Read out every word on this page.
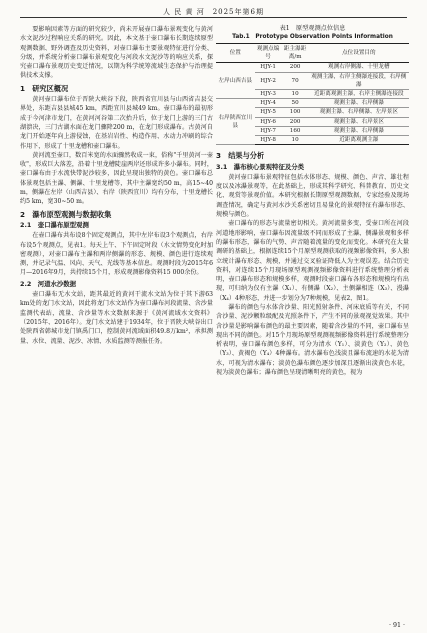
人 民 黄 河　2025年第6期

要影响因素等方面的研究较少，尚未开展壶口瀑布景观变化与黄河水文泥沙过程响应关系的研究。因此，本文基于壶口瀑布长期连续原型观测数据、野外调查及历史资料，对壶口瀑布主要景观特征进行分类、分级，并系统分析壶口瀑布景观变化与河段水文泥沙等的响应关系，探究壶口瀑布景观历史变迁情况，以期为科学统筹流域生态保护与治理提供技术支撑。

1　研究区概况

黄河壶口瀑布位于晋陕大峡谷下段，陕西省宜川县与山西省吉县交界处，东距吉县县城45 km，西距宜川县城49 km。壶口瀑布的最初形成于今河津市龙门，在黄河河谷第二次抬升后，位于龙门上游的三门古湖溃决，三门古湖水面在龙门骤降200 m，在龙门形成瀑布。古黄河自龙门开始逐年向上游侵蚀，在基岩岩性、构造作用、水动力冲刷的综合作用下，形成了十里龙槽和壶口瀑布。

黄河流至壶口，数百米宽的水面骤然收成一束，俗称"千里黄河一壶收"，形成巨大落差，沿着十里龙槽陡崖两岸还形成许多小瀑布。同时，壶口瀑布由于水流快带泥沙较多，因此呈现出独特的黄色。壶口瀑布总体景观包括主瀑、侧瀑、十里龙槽等，其中主瀑宽约50 m，高15~40 m，侧瀑在左岸（山西吉县）、右岸（陕西宜川）均有分布，十里龙槽长约5 km，宽30~50 m。

2　瀑布原型观测与数据收集
2.1　壶口瀑布原型观测

在壶口瀑布共布设8个固定观测点，其中左岸布设3个观测点，右岸布设5个观测点，见表1。每天上午、下午固定时段（水文情势变化时加密观测），对壶口瀑布主瀑和两岸侧瀑的形态、规模、颜色进行连续观测，并记录气温、风向、天气、光线等基本信息。观测时段为2015年6月—2016年9月，共持续15个月，形成观测影像资料15 000余份。

2.2　河道水沙数据

壶口瀑布无水文站，距其最近的黄河干流水文站为位于其下游63 km处的龙门水文站，因此将龙门水文站作为壶口瀑布河段流量、含沙量监测代表站，流量、含沙量等水文数据来源于《黄河流域水文资料》（2015年、2016年）。龙门水文站建于1934年，位于晋陕大峡谷出口处陕西省韩城市龙门镇禹门口，控制黄河流域面积49.8万km²，承担测量、水位、流量、泥沙、冰情、水质监测等测报任务。

表1　原型观测点位信息
Tab.1　Prototype Observation Points Information
位置	观测点编号	距主瀑距离/m	点位设置目的
左岸山西吉县	HJY-1	200	观测右岸侧瀑、十里龙槽
	HJY-2	70	观测主瀑，右岸主侧瀑连接段，右岸侧瀑
	HJY-3	10	近距离观测主瀑，右岸主侧瀑连接段
右岸陕西宜川县	HJY-4	50	观测主瀑、右岸侧瀑
	HJY-5	100	观测主瀑、右岸侧瀑、左岸景区
	HJY-6	200	观测主瀑、右岸景区
	HJY-7	160	观测主瀑、右岸侧瀑
	HJY-8	10	近距离观测主瀑
3　结果与分析
3.1　瀑布核心景观特征及分类

黄河壶口瀑布景观特征包括水体形态、规模、颜色、声音、雄壮程度以及冰瀑景观等，在此基础上，形成其科学研究、科普教育、历史文化、观赏等景观价值。本研究根据长期原型观测数据，专家经验及现场调查情况，确定与黄河水沙关系密切且易量化的景观特征有瀑布形态、规模与颜色。

壶口瀑布的形态与流量密切相关。黄河流量多变，受壶口所在河段河道地形影响，壶口瀑布因流量级不同而形成了主瀑、侧瀑景观和多样的瀑布形态，瀑布的气势、声音随着流量的变化而变化。本研究在大量调研的基础上，根据连续15个月原型观测获取的视频影像资料，多人独立统计瀑布形态、规模，并通过交叉验证降低人为主观误差。结合历史资料，对连续15个月现场原型观测视频影像资料进行系统整理分析表明，壶口瀑布形态和规模多样，观测时段壶口瀑布各形态和规模均有出现，可归纳为仅有主瀑（X₁）、有侧瀑（X₂）、主侧瀑相连（X₃）、漫瀑（X₄）4种形态，并进一步划分为7种规模，见表2、图1。

瀑布的颜色与水体含沙量、阳光照射条件、河床底质等有关，不同含沙量、泥沙颗粒级配及光照条件下，产生不同的景观视觉效果。其中含沙量是影响瀑布颜色的最主要因素，随着含沙量的不同，壶口瀑布呈现出不同的颜色。对15个月现场原型观测视频影像资料进行系统整理分析表明，壶口瀑布颜色多样，可分为清水（Y₁）、淡黄色（Y₂）、黄色（Y₃）、黄褐色（Y₄）4种瀑布。清水瀑布色浅淡且瀑布流速的水花为清水，可视为清水瀑布；淡黄色瀑布颜色逐步加深且逐渐出淡黄色水花，视为淡黄色瀑布；瀑布颜色呈现清晰明亮的黄色，视为

· 91 ·
